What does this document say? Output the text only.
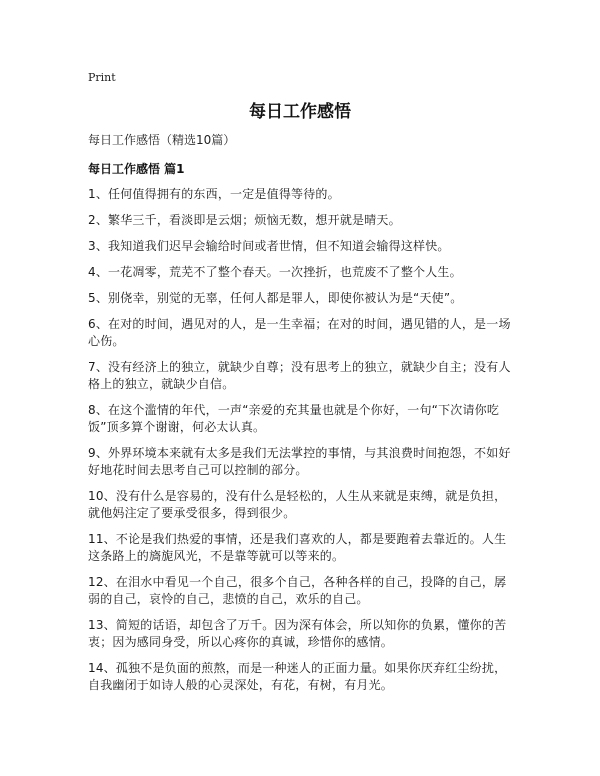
Print
每日工作感悟
每日工作感悟（精选10篇）
每日工作感悟 篇1

1、任何值得拥有的东西，一定是值得等待的。

2、繁华三千，看淡即是云烟；烦恼无数，想开就是晴天。

3、我知道我们迟早会输给时间或者世情，但不知道会输得这样快。

4、一花凋零，荒芜不了整个春天。一次挫折，也荒废不了整个人生。

5、别侥幸，别觉的无辜，任何人都是罪人，即使你被认为是“天使”。

6、在对的时间，遇见对的人，是一生幸福；在对的时间，遇见错的人，是一场心伤。

7、没有经济上的独立，就缺少自尊；没有思考上的独立，就缺少自主；没有人格上的独立，就缺少自信。

8、在这个滥情的年代，一声“亲爱的充其量也就是个你好，一句“下次请你吃饭”顶多算个谢谢，何必太认真。

9、外界环境本来就有太多是我们无法掌控的事情，与其浪费时间抱怨，不如好好地花时间去思考自己可以控制的部分。

10、没有什么是容易的，没有什么是轻松的，人生从来就是束缚，就是负担，就他妈注定了要承受很多，得到很少。

11、不论是我们热爱的事情，还是我们喜欢的人，都是要跑着去靠近的。人生这条路上的旖旎风光，不是靠等就可以等来的。

12、在泪水中看见一个自己，很多个自己，各种各样的自己，投降的自己，孱弱的自己，哀怜的自己，悲愤的自己，欢乐的自己。

13、简短的话语，却包含了万千。因为深有体会，所以知你的负累，懂你的苦衷；因为感同身受，所以心疼你的真诚，珍惜你的感情。

14、孤独不是负面的煎熬，而是一种迷人的正面力量。如果你厌弃红尘纷扰，自我幽闭于如诗人般的心灵深处，有花，有树，有月光。
